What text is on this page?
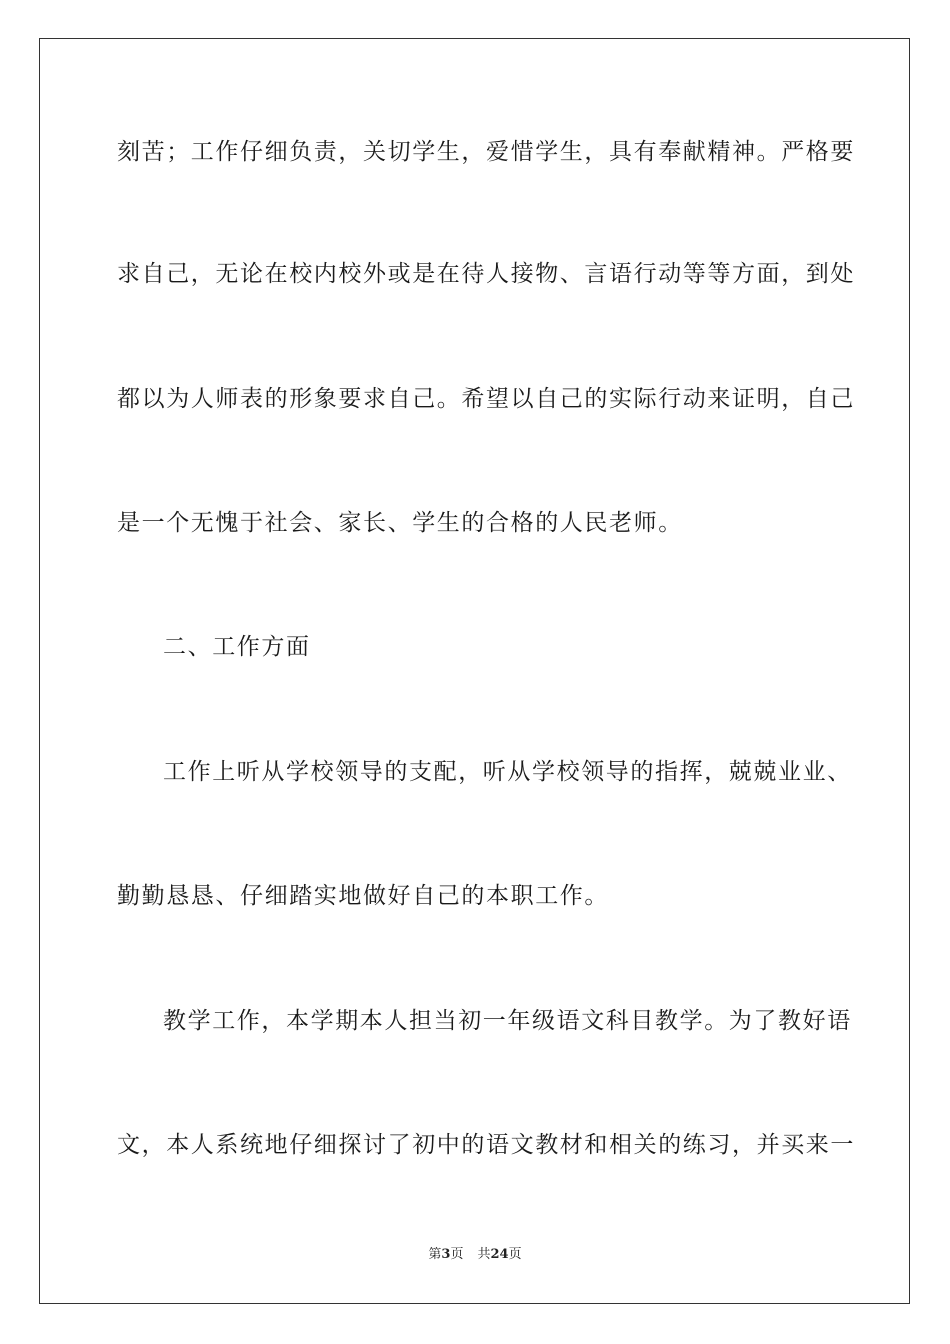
刻苦；工作仔细负责，关切学生，爱惜学生，具有奉献精神。严格要
求自己，无论在校内校外或是在待人接物、言语行动等等方面，到处
都以为人师表的形象要求自己。希望以自己的实际行动来证明，自己
是一个无愧于社会、家长、学生的合格的人民老师。
二、工作方面
工作上听从学校领导的支配，听从学校领导的指挥，兢兢业业、
勤勤恳恳、仔细踏实地做好自己的本职工作。
教学工作，本学期本人担当初一年级语文科目教学。为了教好语
文，本人系统地仔细探讨了初中的语文教材和相关的练习，并买来一
第3页 共24页
